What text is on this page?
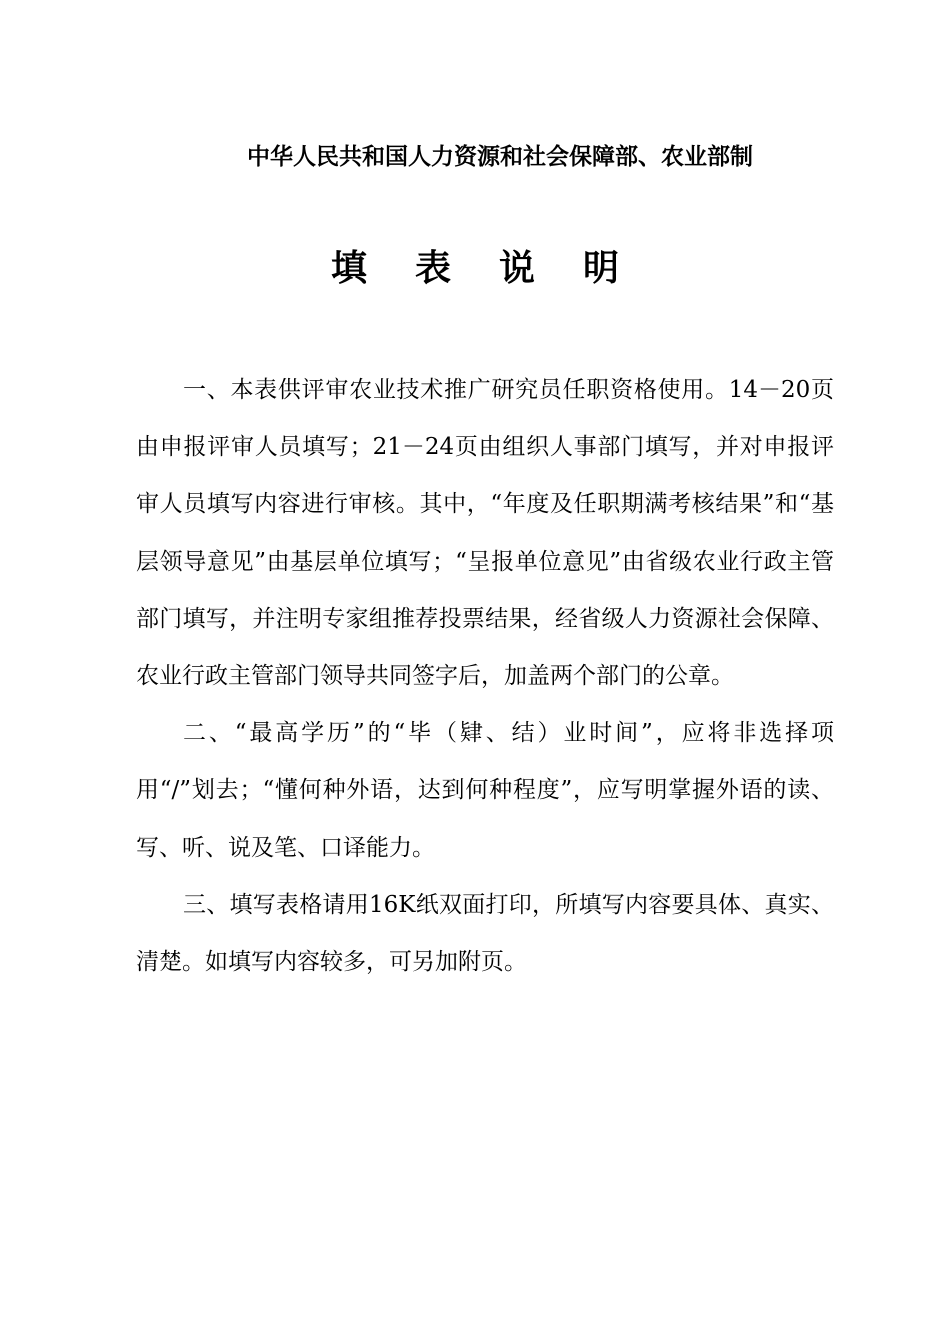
中华人民共和国人力资源和社会保障部、农业部制
填 表 说 明

一、本表供评审农业技术推广研究员任职资格使用。14－20页由申报评审人员填写；21－24页由组织人事部门填写，并对申报评审人员填写内容进行审核。其中，“年度及任职期满考核结果”和“基层领导意见”由基层单位填写；“呈报单位意见”由省级农业行政主管部门填写，并注明专家组推荐投票结果，经省级人力资源社会保障、农业行政主管部门领导共同签字后，加盖两个部门的公章。

二、“最高学历”的“毕（肄、结）业时间”，应将非选择项用“/”划去；“懂何种外语，达到何种程度”，应写明掌握外语的读、写、听、说及笔、口译能力。

三、填写表格请用16K纸双面打印，所填写内容要具体、真实、清楚。如填写内容较多，可另加附页。
